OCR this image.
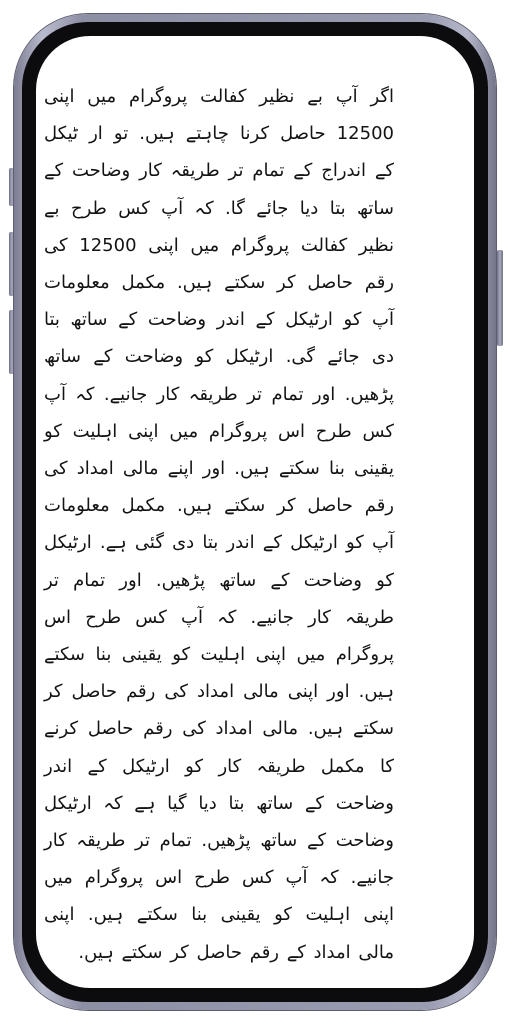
اگر آپ بے نظیر کفالت پروگرام میں اپنی 12500 حاصل کرنا چاہتے ہیں. تو ار ٹیکل کے اندراج کے تمام تر طریقہ کار وضاحت کے ساتھ بتا دیا جائے گا. کہ آپ کس طرح بے نظیر کفالت پروگرام میں اپنی 12500 کی رقم حاصل کر سکتے ہیں. مکمل معلومات آپ کو ارٹیکل کے اندر وضاحت کے ساتھ بتا دی جائے گی. ارٹیکل کو وضاحت کے ساتھ پڑھیں. اور تمام تر طریقہ کار جانیے. کہ آپ کس طرح اس پروگرام میں اپنی اہلیت کو یقینی بنا سکتے ہیں. اور اپنے مالی امداد کی رقم حاصل کر سکتے ہیں. مکمل معلومات آپ کو ارٹیکل کے اندر بتا دی گئی ہے. ارٹیکل کو وضاحت کے ساتھ پڑھیں. اور تمام تر طریقہ کار جانیے. کہ آپ کس طرح اس پروگرام میں اپنی اہلیت کو یقینی بنا سکتے ہیں. اور اپنی مالی امداد کی رقم حاصل کر سکتے ہیں. مالی امداد کی رقم حاصل کرنے کا مکمل طریقہ کار کو ارٹیکل کے اندر وضاحت کے ساتھ بتا دیا گیا ہے کہ ارٹیکل وضاحت کے ساتھ پڑھیں. تمام تر طریقہ کار جانیے. کہ آپ کس طرح اس پروگرام میں اپنی اہلیت کو یقینی بنا سکتے ہیں. اپنی مالی امداد کے رقم حاصل کر سکتے ہیں.
